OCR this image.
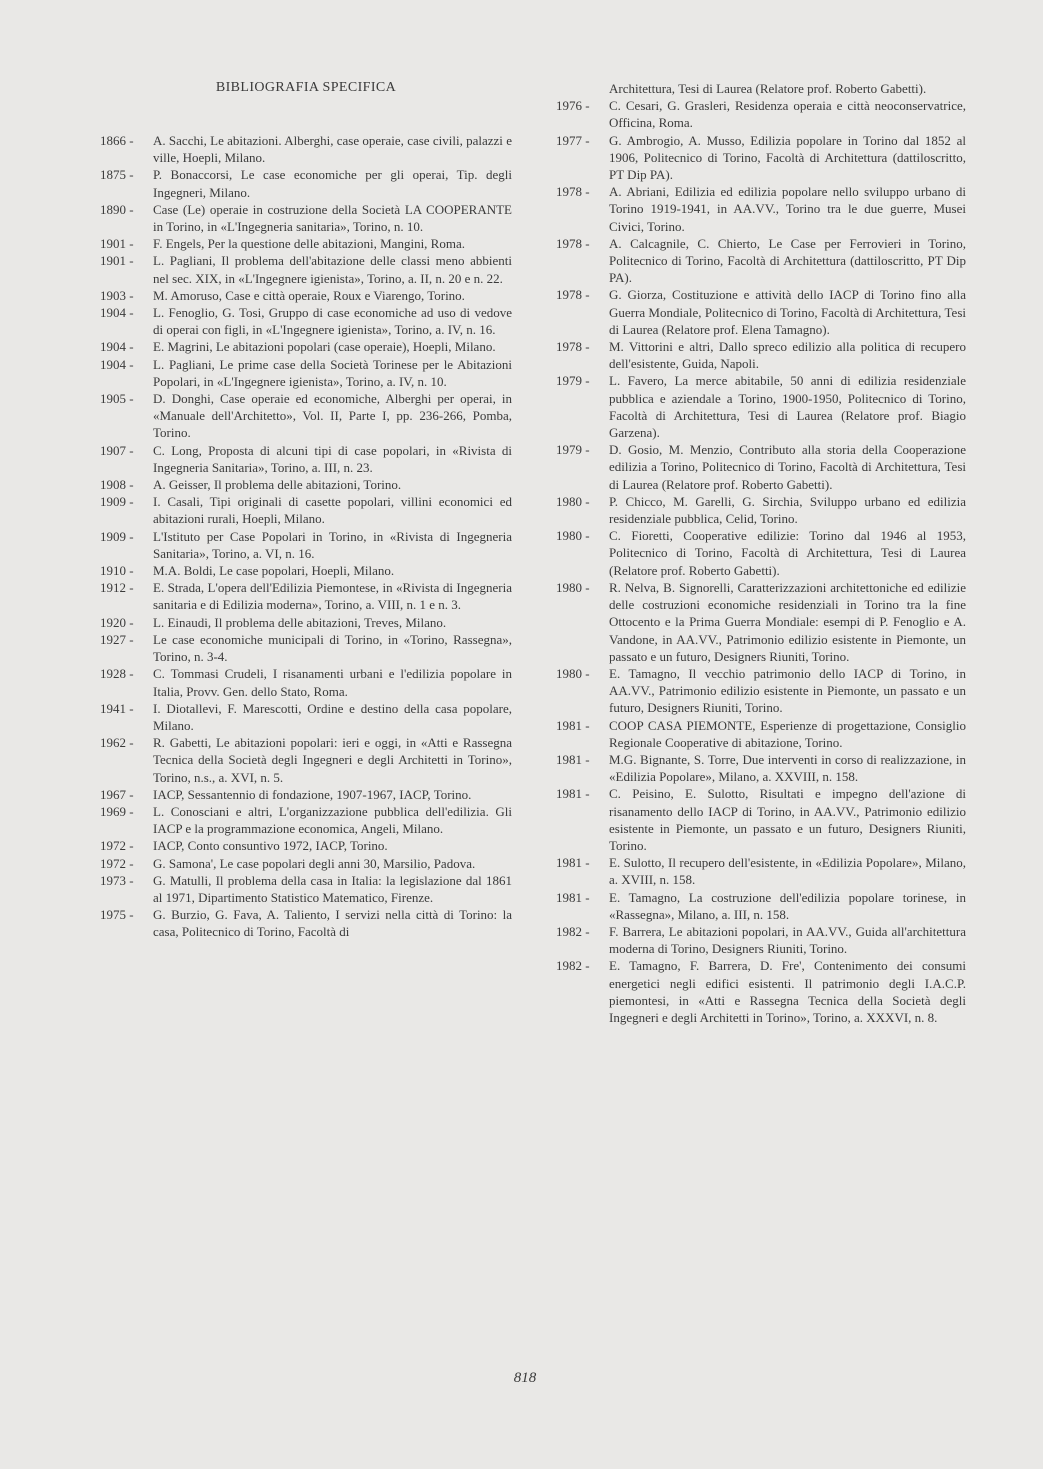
BIBLIOGRAFIA SPECIFICA

1866 - A. Sacchi, Le abitazioni. Alberghi, case operaie, case civili, palazzi e ville, Hoepli, Milano.

1875 - P. Bonaccorsi, Le case economiche per gli operai, Tip. degli Ingegneri, Milano.

1890 - Case (Le) operaie in costruzione della Società LA COOPERANTE in Torino, in «L'Ingegneria sanitaria», Torino, n. 10.

1901 - F. Engels, Per la questione delle abitazioni, Mangini, Roma.

1901 - L. Pagliani, Il problema dell'abitazione delle classi meno abbienti nel sec. XIX, in «L'Ingegnere igienista», Torino, a. II, n. 20 e n. 22.

1903 - M. Amoruso, Case e città operaie, Roux e Viarengo, Torino.

1904 - L. Fenoglio, G. Tosi, Gruppo di case economiche ad uso di vedove di operai con figli, in «L'Ingegnere igienista», Torino, a. IV, n. 16.

1904 - E. Magrini, Le abitazioni popolari (case operaie), Hoepli, Milano.

1904 - L. Pagliani, Le prime case della Società Torinese per le Abitazioni Popolari, in «L'Ingegnere igienista», Torino, a. IV, n. 10.

1905 - D. Donghi, Case operaie ed economiche, Alberghi per operai, in «Manuale dell'Architetto», Vol. II, Parte I, pp. 236-266, Pomba, Torino.

1907 - C. Long, Proposta di alcuni tipi di case popolari, in «Rivista di Ingegneria Sanitaria», Torino, a. III, n. 23.

1908 - A. Geisser, Il problema delle abitazioni, Torino.

1909 - I. Casali, Tipi originali di casette popolari, villini economici ed abitazioni rurali, Hoepli, Milano.

1909 - L'Istituto per Case Popolari in Torino, in «Rivista di Ingegneria Sanitaria», Torino, a. VI, n. 16.

1910 - M.A. Boldi, Le case popolari, Hoepli, Milano.

1912 - E. Strada, L'opera dell'Edilizia Piemontese, in «Rivista di Ingegneria sanitaria e di Edilizia moderna», Torino, a. VIII, n. 1 e n. 3.

1920 - L. Einaudi, Il problema delle abitazioni, Treves, Milano.

1927 - Le case economiche municipali di Torino, in «Torino, Rassegna», Torino, n. 3-4.

1928 - C. Tommasi Crudeli, I risanamenti urbani e l'edilizia popolare in Italia, Provv. Gen. dello Stato, Roma.

1941 - I. Diotallevi, F. Marescotti, Ordine e destino della casa popolare, Milano.

1962 - R. Gabetti, Le abitazioni popolari: ieri e oggi, in «Atti e Rassegna Tecnica della Società degli Ingegneri e degli Architetti in Torino», Torino, n.s., a. XVI, n. 5.

1967 - IACP, Sessantennio di fondazione, 1907-1967, IACP, Torino.

1969 - L. Conosciani e altri, L'organizzazione pubblica dell'edilizia. Gli IACP e la programmazione economica, Angeli, Milano.

1972 - IACP, Conto consuntivo 1972, IACP, Torino.

1972 - G. Samona', Le case popolari degli anni 30, Marsilio, Padova.

1973 - G. Matulli, Il problema della casa in Italia: la legislazione dal 1861 al 1971, Dipartimento Statistico Matematico, Firenze.

1975 - G. Burzio, G. Fava, A. Taliento, I servizi nella città di Torino: la casa, Politecnico di Torino, Facoltà di

Architettura, Tesi di Laurea (Relatore prof. Roberto Gabetti).

1976 - C. Cesari, G. Grasleri, Residenza operaia e città neoconservatrice, Officina, Roma.

1977 - G. Ambrogio, A. Musso, Edilizia popolare in Torino dal 1852 al 1906, Politecnico di Torino, Facoltà di Architettura (dattiloscritto, PT Dip PA).

1978 - A. Abriani, Edilizia ed edilizia popolare nello sviluppo urbano di Torino 1919-1941, in AA.VV., Torino tra le due guerre, Musei Civici, Torino.

1978 - A. Calcagnile, C. Chierto, Le Case per Ferrovieri in Torino, Politecnico di Torino, Facoltà di Architettura (dattiloscritto, PT Dip PA).

1978 - G. Giorza, Costituzione e attività dello IACP di Torino fino alla Guerra Mondiale, Politecnico di Torino, Facoltà di Architettura, Tesi di Laurea (Relatore prof. Elena Tamagno).

1978 - M. Vittorini e altri, Dallo spreco edilizio alla politica di recupero dell'esistente, Guida, Napoli.

1979 - L. Favero, La merce abitabile, 50 anni di edilizia residenziale pubblica e aziendale a Torino, 1900-1950, Politecnico di Torino, Facoltà di Architettura, Tesi di Laurea (Relatore prof. Biagio Garzena).

1979 - D. Gosio, M. Menzio, Contributo alla storia della Cooperazione edilizia a Torino, Politecnico di Torino, Facoltà di Architettura, Tesi di Laurea (Relatore prof. Roberto Gabetti).

1980 - P. Chicco, M. Garelli, G. Sirchia, Sviluppo urbano ed edilizia residenziale pubblica, Celid, Torino.

1980 - C. Fioretti, Cooperative edilizie: Torino dal 1946 al 1953, Politecnico di Torino, Facoltà di Architettura, Tesi di Laurea (Relatore prof. Roberto Gabetti).

1980 - R. Nelva, B. Signorelli, Caratterizzazioni architettoniche ed edilizie delle costruzioni economiche residenziali in Torino tra la fine Ottocento e la Prima Guerra Mondiale: esempi di P. Fenoglio e A. Vandone, in AA.VV., Patrimonio edilizio esistente in Piemonte, un passato e un futuro, Designers Riuniti, Torino.

1980 - E. Tamagno, Il vecchio patrimonio dello IACP di Torino, in AA.VV., Patrimonio edilizio esistente in Piemonte, un passato e un futuro, Designers Riuniti, Torino.

1981 - COOP CASA PIEMONTE, Esperienze di progettazione, Consiglio Regionale Cooperative di abitazione, Torino.

1981 - M.G. Bignante, S. Torre, Due interventi in corso di realizzazione, in «Edilizia Popolare», Milano, a. XXVIII, n. 158.

1981 - C. Peisino, E. Sulotto, Risultati e impegno dell'azione di risanamento dello IACP di Torino, in AA.VV., Patrimonio edilizio esistente in Piemonte, un passato e un futuro, Designers Riuniti, Torino.

1981 - E. Sulotto, Il recupero dell'esistente, in «Edilizia Popolare», Milano, a. XVIII, n. 158.

1981 - E. Tamagno, La costruzione dell'edilizia popolare torinese, in «Rassegna», Milano, a. III, n. 158.

1982 - F. Barrera, Le abitazioni popolari, in AA.VV., Guida all'architettura moderna di Torino, Designers Riuniti, Torino.

1982 - E. Tamagno, F. Barrera, D. Fre', Contenimento dei consumi energetici negli edifici esistenti. Il patrimonio degli I.A.C.P. piemontesi, in «Atti e Rassegna Tecnica della Società degli Ingegneri e degli Architetti in Torino», Torino, a. XXXVI, n. 8.

818
